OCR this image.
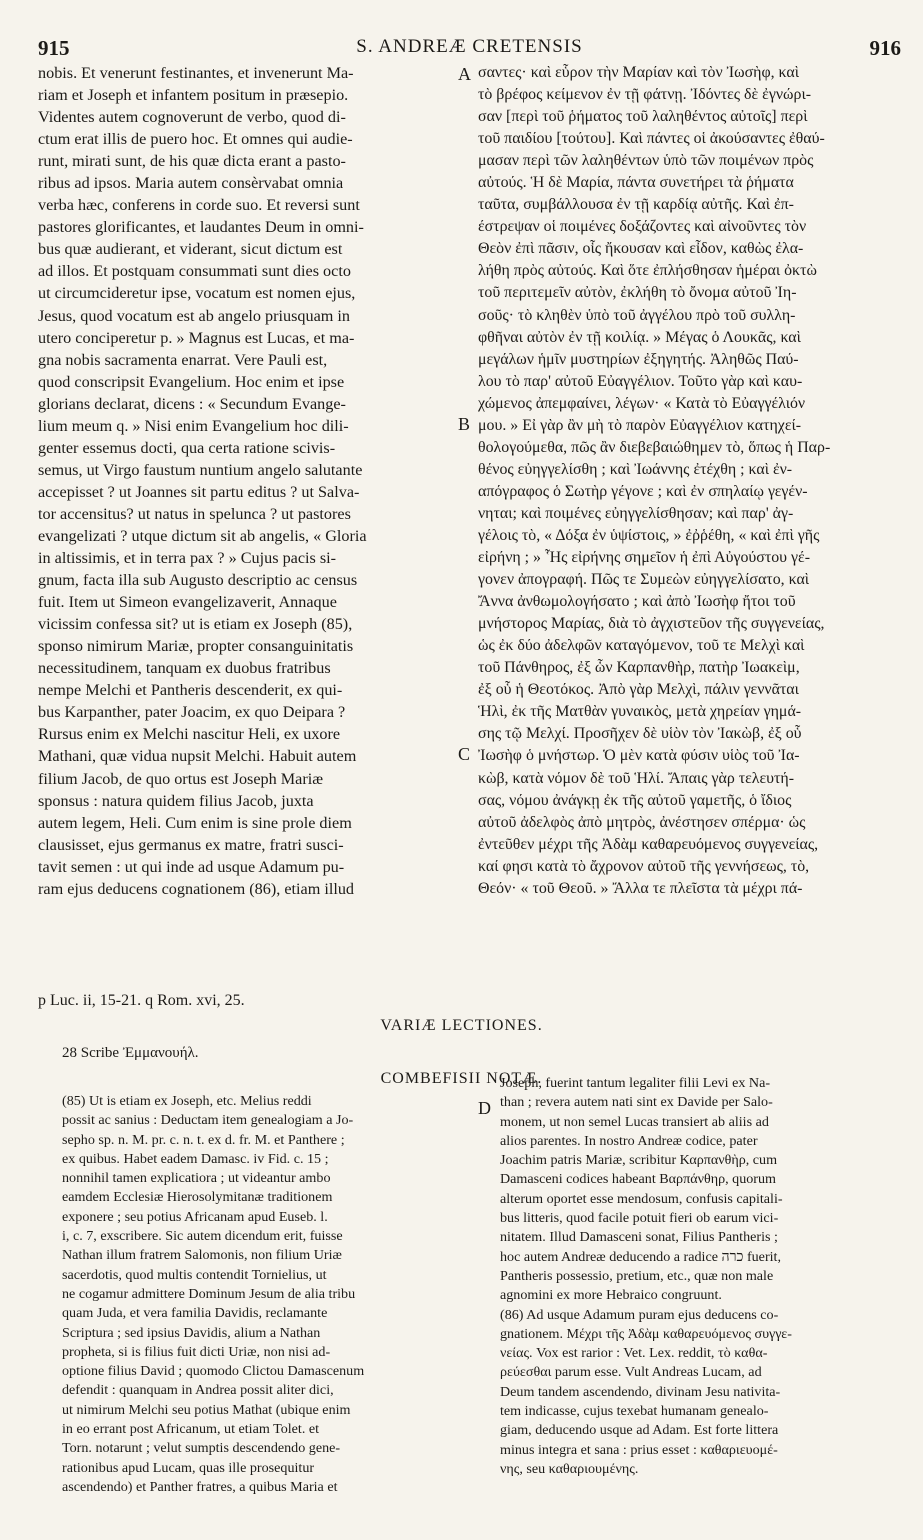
915	S. ANDREÆ CRETENSIS	916
nobis. Et venerunt festinantes, et invenerunt Ma-
riam et Joseph et infantem positum in præsepio.
Videntes autem cognoverunt de verbo, quod di-
ctum erat illis de puero hoc. Et omnes qui audie-
runt, mirati sunt, de his quæ dicta erant a pasto-
ribus ad ipsos. Maria autem consèrvabat omnia
verba hæc, conferens in corde suo. Et reversi sunt
pastores glorificantes, et laudantes Deum in omni-
bus quæ audierant, et viderant, sicut dictum est
ad illos. Et postquam consummati sunt dies octo
ut circumcideretur ipse, vocatum est nomen ejus,
Jesus, quod vocatum est ab angelo priusquam in
utero conciperetur p. » Magnus est Lucas, et ma-
gna nobis sacramenta enarrat. Vere Pauli est,
quod conscripsit Evangelium. Hoc enim et ipse
glorians declarat, dicens : « Secundum Evange-
lium meum q. » Nisi enim Evangelium hoc dili-
genter essemus docti, qua certa ratione scivis-
semus, ut Virgo faustum nuntium angelo salutante
accepisset ? ut Joannes sit partu editus ? ut Salva-
tor accensitus? ut natus in spelunca ? ut pastores
evangelizati ? utque dictum sit ab angelis, « Gloria
in altissimis, et in terra pax ? » Cujus pacis si-
gnum, facta illa sub Augusto descriptio ac census
fuit. Item ut Simeon evangelizaverit, Annaque
vicissim confessa sit? ut is etiam ex Joseph (85),
sponso nimirum Mariæ, propter consanguinitatis
necessitudinem, tanquam ex duobus fratribus
nempe Melchi et Pantheris descenderit, ex qui-
bus Karpanther, pater Joacim, ex quo Deipara ?
Rursus enim ex Melchi nascitur Heli, ex uxore
Mathani, quæ vidua nupsit Melchi. Habuit autem
filium Jacob, de quo ortus est Joseph Mariæ
sponsus : natura quidem filius Jacob, juxta
autem legem, Heli. Cum enim is sine prole diem
clausisset, ejus germanus ex matre, fratri susci-
tavit semen : ut qui inde ad usque Adamum pu-
ram ejus deducens cognationem (86), etiam illud
σαντες· καὶ εὗρον τὴν Μαρίαν καὶ τὸν Ἰωσὴφ, καὶ
τὸ βρέφος κείμενον ἐν τῇ φάτνῃ. Ἰδόντες δὲ ἐγνώρι-
σαν [περὶ τοῦ ῥήματος τοῦ λαληθέντος αὐτοῖς] περὶ
τοῦ παιδίου [τούτου]. Καὶ πάντες οἱ ἀκούσαντες ἐθαύ-
μασαν περὶ τῶν λαληθέντων ὑπὸ τῶν ποιμένων πρὸς
αὐτούς. Ἡ δὲ Μαρία, πάντα συνετήρει τὰ ῥήματα
ταῦτα, συμβάλλουσα ἐν τῇ καρδίᾳ αὐτῆς. Καὶ ἐπ-
έστρεψαν οἱ ποιμένες δοξάζοντες καὶ αἰνοῦντες τὸν
Θεὸν ἐπὶ πᾶσιν, οἷς ἤκουσαν καὶ εἶδον, καθὼς ἐλα-
λήθη πρὸς αὐτούς. Καὶ ὅτε ἐπλήσθησαν ἡμέραι ὀκτὼ
τοῦ περιτεμεῖν αὐτὸν, ἐκλήθη τὸ ὄνομα αὐτοῦ Ἰη-
σοῦς· τὸ κληθὲν ὑπὸ τοῦ ἀγγέλου πρὸ τοῦ συλλη-
φθῆναι αὐτὸν ἐν τῇ κοιλίᾳ. » Μέγας ὁ Λουκᾶς, καὶ
μεγάλων ἡμῖν μυστηρίων ἐξηγητής. Ἀληθῶς Παύ-
λου τὸ παρ' αὐτοῦ Εὐαγγέλιον. Τοῦτο γὰρ καὶ καυ-
χώμενος ἀπεμφαίνει, λέγων· « Κατὰ τὸ Εὐαγγέλιόν
μου. » Εἰ γὰρ ἂν μὴ τὸ παρὸν Εὐαγγέλιον κατηχεί-
θολογούμεθα, πῶς ἂν διεβεβαιώθημεν τὸ, ὅπως ἡ Παρ-
θένος εὐηγγελίσθη ; καὶ Ἰωάννης ἐτέχθη ; καὶ ἐν-
απόγραφος ὁ Σωτὴρ γέγονε ; καὶ ἐν σπηλαίῳ γεγέν-
νηται; καὶ ποιμένες εὐηγγελίσθησαν; καὶ παρ' ἀγ-
γέλοις τὸ, « Δόξα ἐν ὑψίστοις, » ἐῤῥέθη, « καὶ ἐπὶ γῆς
εἰρήνη ; » Ἧς εἰρήνης σημεῖον ἡ ἐπὶ Αὐγούστου γέ-
γονεν ἀπογραφή. Πῶς τε Συμεὼν εὐηγγελίσατο, καὶ
Ἄννα ἀνθωμολογήσατο ; καὶ ἀπὸ Ἰωσὴφ ἤτοι τοῦ
μνήστορος Μαρίας, διὰ τὸ ἀγχιστεῦον τῆς συγγενείας,
ὡς ἐκ δύο ἀδελφῶν καταγόμενον, τοῦ τε Μελχὶ καὶ
τοῦ Πάνθηρος, ἐξ ὧν Καρπανθὴρ, πατὴρ Ἰωακεὶμ,
ἐξ οὗ ἡ Θεοτόκος. Ἀπὸ γὰρ Μελχὶ, πάλιν γεννᾶται
Ἡλὶ, ἐκ τῆς Ματθὰν γυναικὸς, μετὰ χηρείαν γημά-
σης τῷ Μελχί. Προσῆχεν δὲ υἱὸν τὸν Ἰακὼβ, ἐξ οὗ
Ἰωσὴφ ὁ μνήστωρ. Ὁ μὲν κατὰ φύσιν υἱὸς τοῦ Ἰα-
κὼβ, κατὰ νόμον δὲ τοῦ Ἡλί. Ἄπαις γὰρ τελευτή-
σας, νόμου ἀνάγκῃ ἐκ τῆς αὐτοῦ γαμετῆς, ὁ ἴδιος
αὐτοῦ ἀδελφὸς ἀπὸ μητρὸς, ἀνέστησεν σπέρμα· ὡς
ἐντεῦθεν μέχρι τῆς Ἀδὰμ καθαρευόμενος συγγενείας,
καί φησι κατὰ τὸ ἄχρονον αὐτοῦ τῆς γεννήσεως, τὸ,
Θεόν· « τοῦ Θεοῦ. » Ἄλλα τε πλεῖστα τὰ μέχρι πά-
A
B
C
D
p Luc. ii, 15-21. q Rom. xvi, 25.
VARIÆ LECTIONES.
28 Scribe Ἐμμανουήλ.
COMBEFISII NOTÆ.
(85) Ut is etiam ex Joseph, etc. Melius reddi
possit ac sanius : Deductam item genealogiam a Jo-
sepho sp. n. M. pr. c. n. t. ex d. fr. M. et Panthere ;
ex quibus. Habet eadem Damasc. iv Fid. c. 15 ;
nonnihil tamen explicatiora ; ut videantur ambo
eamdem Ecclesiæ Hierosolymitanæ traditionem
exponere ; seu potius Africanam apud Euseb. l.
i, c. 7, exscribere. Sic autem dicendum erit, fuisse
Nathan illum fratrem Salomonis, non filium Uriæ
sacerdotis, quod multis contendit Tornielius, ut
ne cogamur admittere Dominum Jesum de alia tribu
quam Juda, et vera familia Davidis, reclamante
Scriptura ; sed ipsius Davidis, alium a Nathan
propheta, si is filius fuit dicti Uriæ, non nisi ad-
optione filius David ; quomodo Clictou Damascenum
defendit : quanquam in Andrea possit aliter dici,
ut nimirum Melchi seu potius Mathat (ubique enim
in eo errant post Africanum, ut etiam Tolet. et
Torn. notarunt ; velut sumptis descendendo gene-
rationibus apud Lucam, quas ille prosequitur
ascendendo) et Panther fratres, a quibus Maria et
Joseph, fuerint tantum legaliter filii Levi ex Na-
than ; revera autem nati sint ex Davide per Salo-
monem, ut non semel Lucas transiert ab aliis ad
alios parentes. In nostro Andreæ codice, pater
Joachim patris Mariæ, scribitur Καρπανθὴρ, cum
Damasceni codices habeant Βαρπάνθηρ, quorum
alterum oportet esse mendosum, confusis capitali-
bus litteris, quod facile potuit fieri ob earum vici-
nitatem. Illud Damasceni sonat, Filius Pantheris ;
hoc autem Andreæ deducendo a radice כרה fuerit,
Pantheris possessio, pretium, etc., quæ non male
agnomini ex more Hebraico congruunt.
(86) Ad usque Adamum puram ejus deducens co-
gnationem. Μέχρι τῆς Ἀδὰμ καθαρευόμενος συγγε-
νείας. Vox est rarior : Vet. Lex. reddit, τὸ καθα-
ρεύεσθαι parum esse. Vult Andreas Lucam, ad
Deum tandem ascendendo, divinam Jesu nativita-
tem indicasse, cujus texebat humanam genealo-
giam, deducendo usque ad Adam. Est forte littera
minus integra et sana : prius esset : καθαριευομέ-
νης, seu καθαριουμένης.
